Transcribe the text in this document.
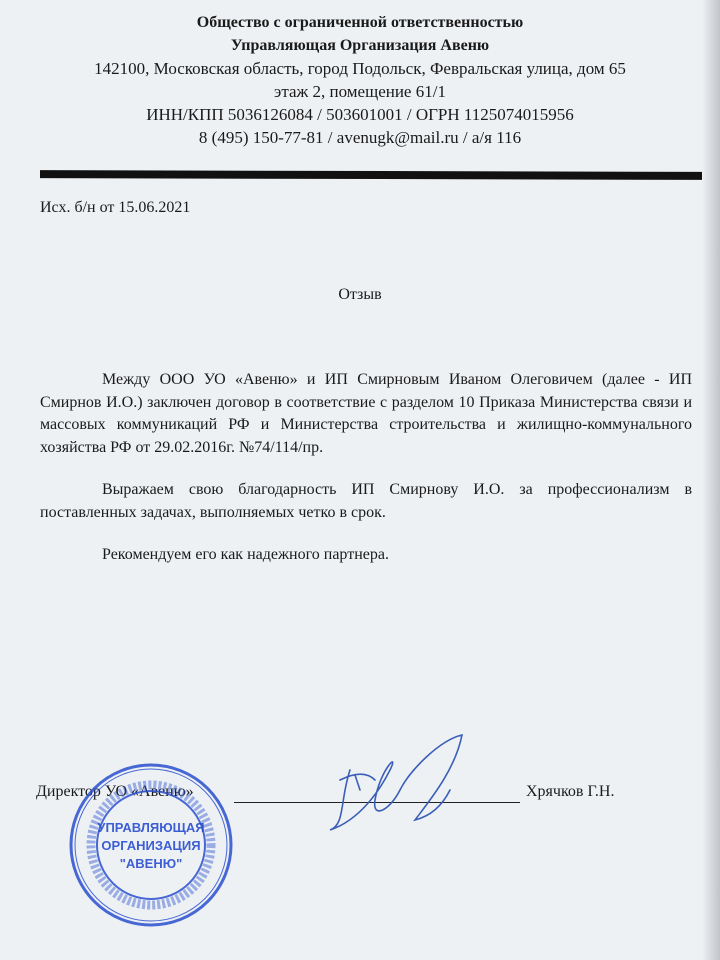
Общество с ограниченной ответственностью
Управляющая Организация Авеню
142100, Московская область, город Подольск, Февральская улица, дом 65
этаж 2, помещение 61/1
ИНН/КПП 5036126084 / 503601001 / ОГРН 1125074015956
8 (495) 150-77-81 / avenugk@mail.ru / а/я 116
Исх. б/н от 15.06.2021
Отзыв

Между ООО УО «Авеню» и ИП Смирновым Иваном Олеговичем (далее - ИП Смирнов И.О.) заключен договор в соответствие с разделом 10 Приказа Министерства связи и массовых коммуникаций РФ и Министерства строительства и жилищно-коммунального хозяйства РФ от 29.02.2016г. №74/114/пр.

Выражаем свою благодарность ИП Смирнову И.О. за профессионализм в поставленных задачах, выполняемых четко в срок.

Рекомендуем его как надежного партнера.

Директор УО «Авеню»	Хрячков Г.Н.
УПРАВЛЯЮЩАЯ
ОРГАНИЗАЦИЯ
"АВЕНЮ"
